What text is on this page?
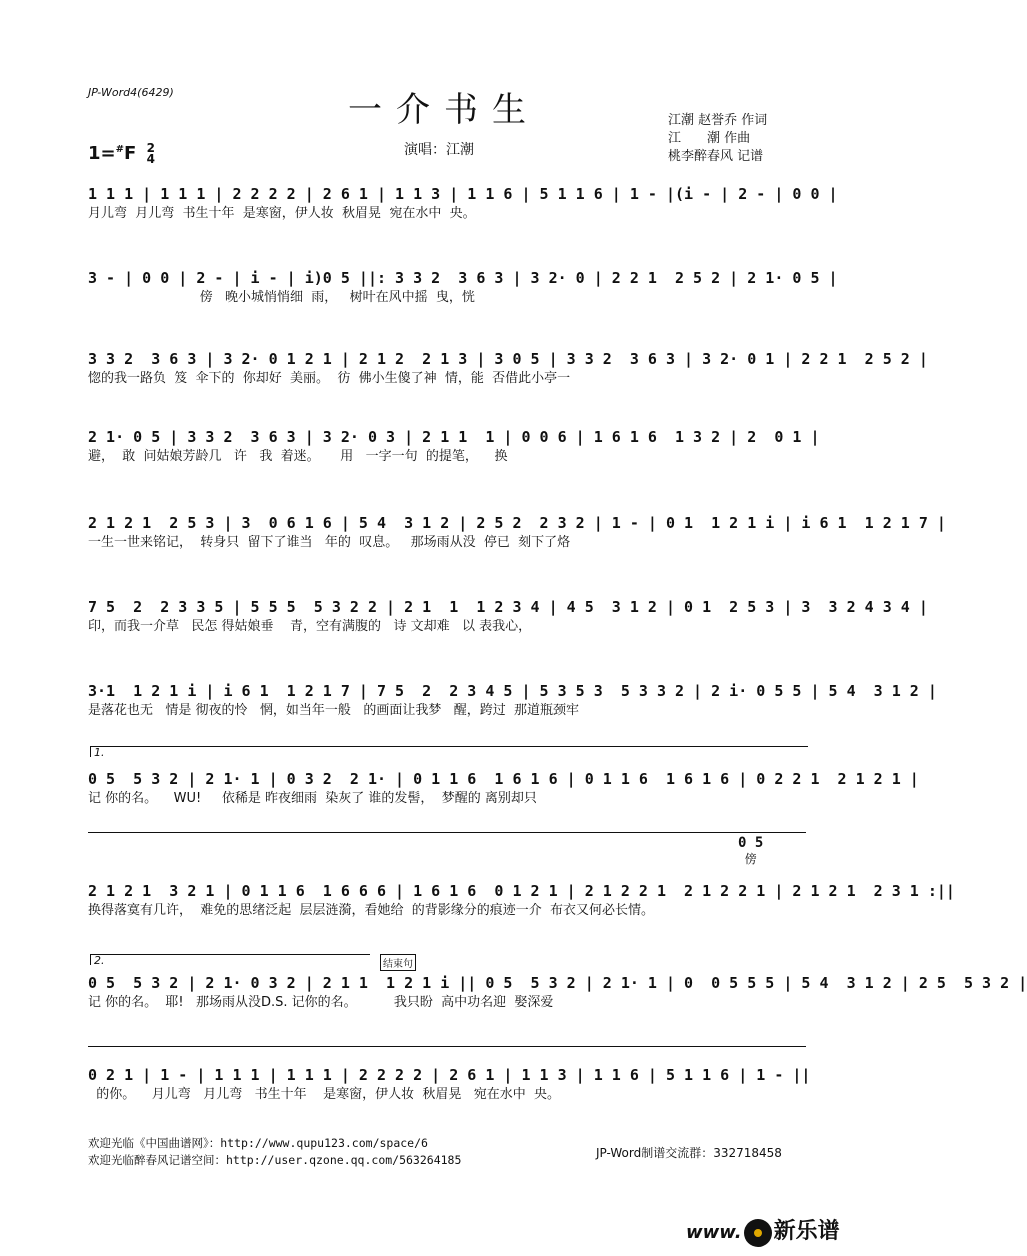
JP-Word4(6429)	一介书生	江潮 赵誉乔 作词
江　　潮 作曲
桃李醉春风 记谱
1=#F 2
4
演唱：江潮
1 1 1 | 1 1 1 | 2 2 2 2 | 2 6 1 | 1 1 3 | 1 1 6 | 5 1 1 6 | 1 - |(i - | 2 - | 0 0 |
月儿弯  月儿弯  书生十年  是寒窗，伊人妆  秋眉晃  宛在水中  央。
3 - | 0 0 | 2 - | i - | i)0 5 ||: 3 3 2  3 6 3 | 3 2· 0 | 2 2 1  2 5 2 | 2 1· 0 5 |
傍   晚小城悄悄细  雨，   树叶在风中摇  曳，恍
3 3 2  3 6 3 | 3 2· 0 1 2 1 | 2 1 2  2 1 3 | 3 0 5 | 3 3 2  3 6 3 | 3 2· 0 1 | 2 2 1  2 5 2 |
惚的我一路负  笈  伞下的  你却好  美丽。  彷  佛小生傻了神  情，能  否借此小亭一
2 1· 0 5 | 3 3 2  3 6 3 | 3 2· 0 3 | 2 1 1  1 | 0 0 6 | 1 6 1 6  1 3 2 | 2  0 1 |
避，  敢  问姑娘芳龄几   许   我  着迷。     用   一字一句  的提笔，    换
2 1 2 1  2 5 3 | 3  0 6 1 6 | 5 4  3 1 2 | 2 5 2  2 3 2 | 1 - | 0 1  1 2 1 i | i 6 1  1 2 1 7 |
一生一世来铭记，  转身只  留下了谁当   年的  叹息。   那场雨从没  停已  刻下了烙
7 5  2  2 3 3 5 | 5 5 5  5 3 2 2 | 2 1  1  1 2 3 4 | 4 5  3 1 2 | 0 1  2 5 3 | 3  3 2 4 3 4 |
印，而我一介草   民怎 得姑娘垂    青，空有满腹的   诗 文却难   以 表我心，
3·1  1 2 1 i | i 6 1  1 2 1 7 | 7 5  2  2 3 4 5 | 5 3 5 3  5 3 3 2 | 2 i· 0 5 5 | 5 4  3 1 2 |
是落花也无   情是 彻夜的怜   惘，如当年一般   的画面让我梦   醒，跨过  那道瓶颈牢
1.
0 5  5 3 2 | 2 1· 1 | 0 3 2  2 1· | 0 1 1 6  1 6 1 6 | 0 1 1 6  1 6 1 6 | 0 2 2 1  2 1 2 1 |
记 你的名。    WU!     依稀是 昨夜细雨  染灰了 谁的发髻，  梦醒的 离别却只
0 5
傍
2 1 2 1  3 2 1 | 0 1 1 6  1 6 6 6 | 1 6 1 6  0 1 2 1 | 2 1 2 2 1  2 1 2 2 1 | 2 1 2 1  2 3 1 :||
换得落寞有几许，  难免的思绪泛起  层层涟漪，看她给  的背影缘分的痕迹一介  布衣又何必长情。
2.	结束句
0 5  5 3 2 | 2 1· 0 3 2 | 2 1 1  1 2 1 i || 0 5  5 3 2 | 2 1· 1 | 0  0 5 5 5 | 5 4  3 1 2 | 2 5  5 3 2 |
记 你的名。  耶!   那场雨从没D.S. 记你的名。         我只盼  高中功名迎  娶深爱
0 2 1 | 1 - | 1 1 1 | 1 1 1 | 2 2 2 2 | 2 6 1 | 1 1 3 | 1 1 6 | 5 1 1 6 | 1 - ||
的你。    月儿弯   月儿弯   书生十年    是寒窗，伊人妆  秋眉晃   宛在水中  央。
欢迎光临《中国曲谱网》：http://www.qupu123.com/space/6
欢迎光临醉春风记谱空间：http://user.qzone.qq.com/563264185	JP-Word制谱交流群：332718458
www. 新乐谱
